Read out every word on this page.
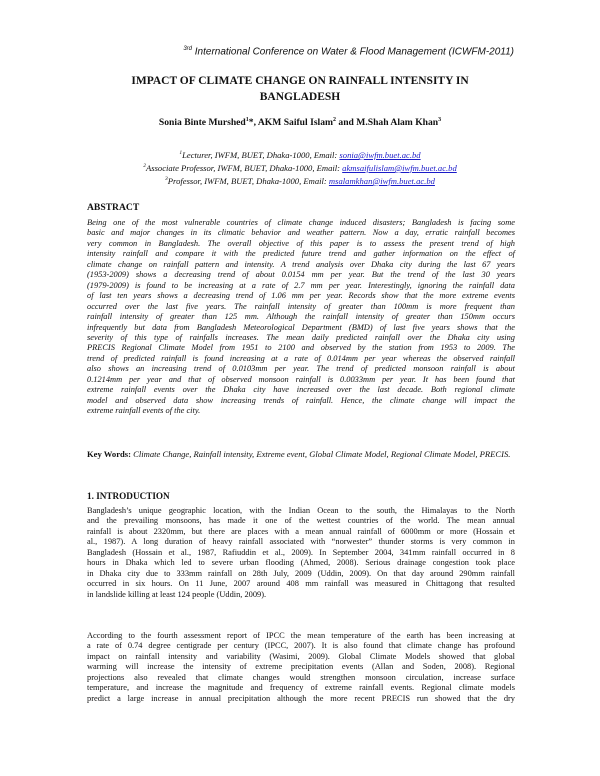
$^{3rd}$ International Conference on Water & Flood Management (ICWFM-2011)
IMPACT OF CLIMATE CHANGE ON RAINFALL INTENSITY IN
BANGLADESH
Sonia Binte Murshed$^1$*, AKM Saiful Islam$^2$ and M.Shah Alam Khan$^3$
$^1$Lecturer, IWFM, BUET, Dhaka-1000, Email: sonia@iwfm.buet.ac.bd
$^2$Associate Professor, IWFM, BUET, Dhaka-1000, Email: akmsaifulislam@iwfm.buet.ac.bd
$^3$Professor, IWFM, BUET, Dhaka-1000, Email: msalamkhan@iwfm.buet.ac.bd
ABSTRACT
Being one of the most vulnerable countries of climate change induced disasters; Bangladesh is facing some
basic and major changes in its climatic behavior and weather pattern. Now a day, erratic rainfall becomes
very common in Bangladesh. The overall objective of this paper is to assess the present trend of high
intensity rainfall and compare it with the predicted future trend and gather information on the effect of
climate change on rainfall pattern and intensity. A trend analysis over Dhaka city during the last 67 years
(1953-2009) shows a decreasing trend of about 0.0154 mm per year. But the trend of the last 30 years
(1979-2009) is found to be increasing at a rate of 2.7 mm per year. Interestingly, ignoring the rainfall data
of last ten years shows a decreasing trend of 1.06 mm per year. Records show that the more extreme events
occurred over the last five years. The rainfall intensity of greater than 100mm is more frequent than
rainfall intensity of greater than 125 mm. Although the rainfall intensity of greater than 150mm occurs
infrequently but data from Bangladesh Meteorological Department (BMD) of last five years shows that the
severity of this type of rainfalls increases. The mean daily predicted rainfall over the Dhaka city using
PRECIS Regional Climate Model from 1951 to 2100 and observed by the station from 1953 to 2009. The
trend of predicted rainfall is found increasing at a rate of 0.014mm per year whereas the observed rainfall
also shows an increasing trend of 0.0103mm per year. The trend of predicted monsoon rainfall is about
0.1214mm per year and that of observed monsoon rainfall is 0.0033mm per year. It has been found that
extreme rainfall events over the Dhaka city have increased over the last decade. Both regional climate
model and observed data show increasing trends of rainfall. Hence, the climate change will impact the
extreme rainfall events of the city.
Key Words: Climate Change, Rainfall intensity, Extreme event, Global Climate Model, Regional Climate Model, PRECIS.
1. INTRODUCTION
Bangladesh’s unique geographic location, with the Indian Ocean to the south, the Himalayas to the North
and the prevailing monsoons, has made it one of the wettest countries of the world. The mean annual
rainfall is about 2320mm, but there are places with a mean annual rainfall of 6000mm or more (Hossain et
al., 1987). A long duration of heavy rainfall associated with “norwester” thunder storms is very common in
Bangladesh (Hossain et al., 1987, Rafiuddin et al., 2009). In September 2004, 341mm rainfall occurred in 8
hours in Dhaka which led to severe urban flooding (Ahmed, 2008). Serious drainage congestion took place
in Dhaka city due to 333mm rainfall on 28th July, 2009 (Uddin, 2009). On that day around 290mm rainfall
occurred in six hours. On 11 June, 2007 around 408 mm rainfall was measured in Chittagong that resulted
in landslide killing at least 124 people (Uddin, 2009).
According to the fourth assessment report of IPCC the mean temperature of the earth has been increasing at
a rate of 0.74 degree centigrade per century (IPCC, 2007). It is also found that climate change has profound
impact on rainfall intensity and variability (Wasimi, 2009). Global Climate Models showed that global
warming will increase the intensity of extreme precipitation events (Allan and Soden, 2008). Regional
projections also revealed that climate changes would strengthen monsoon circulation, increase surface
temperature, and increase the magnitude and frequency of extreme rainfall events. Regional climate models
predict a large increase in annual precipitation although the more recent PRECIS run showed that the dry
